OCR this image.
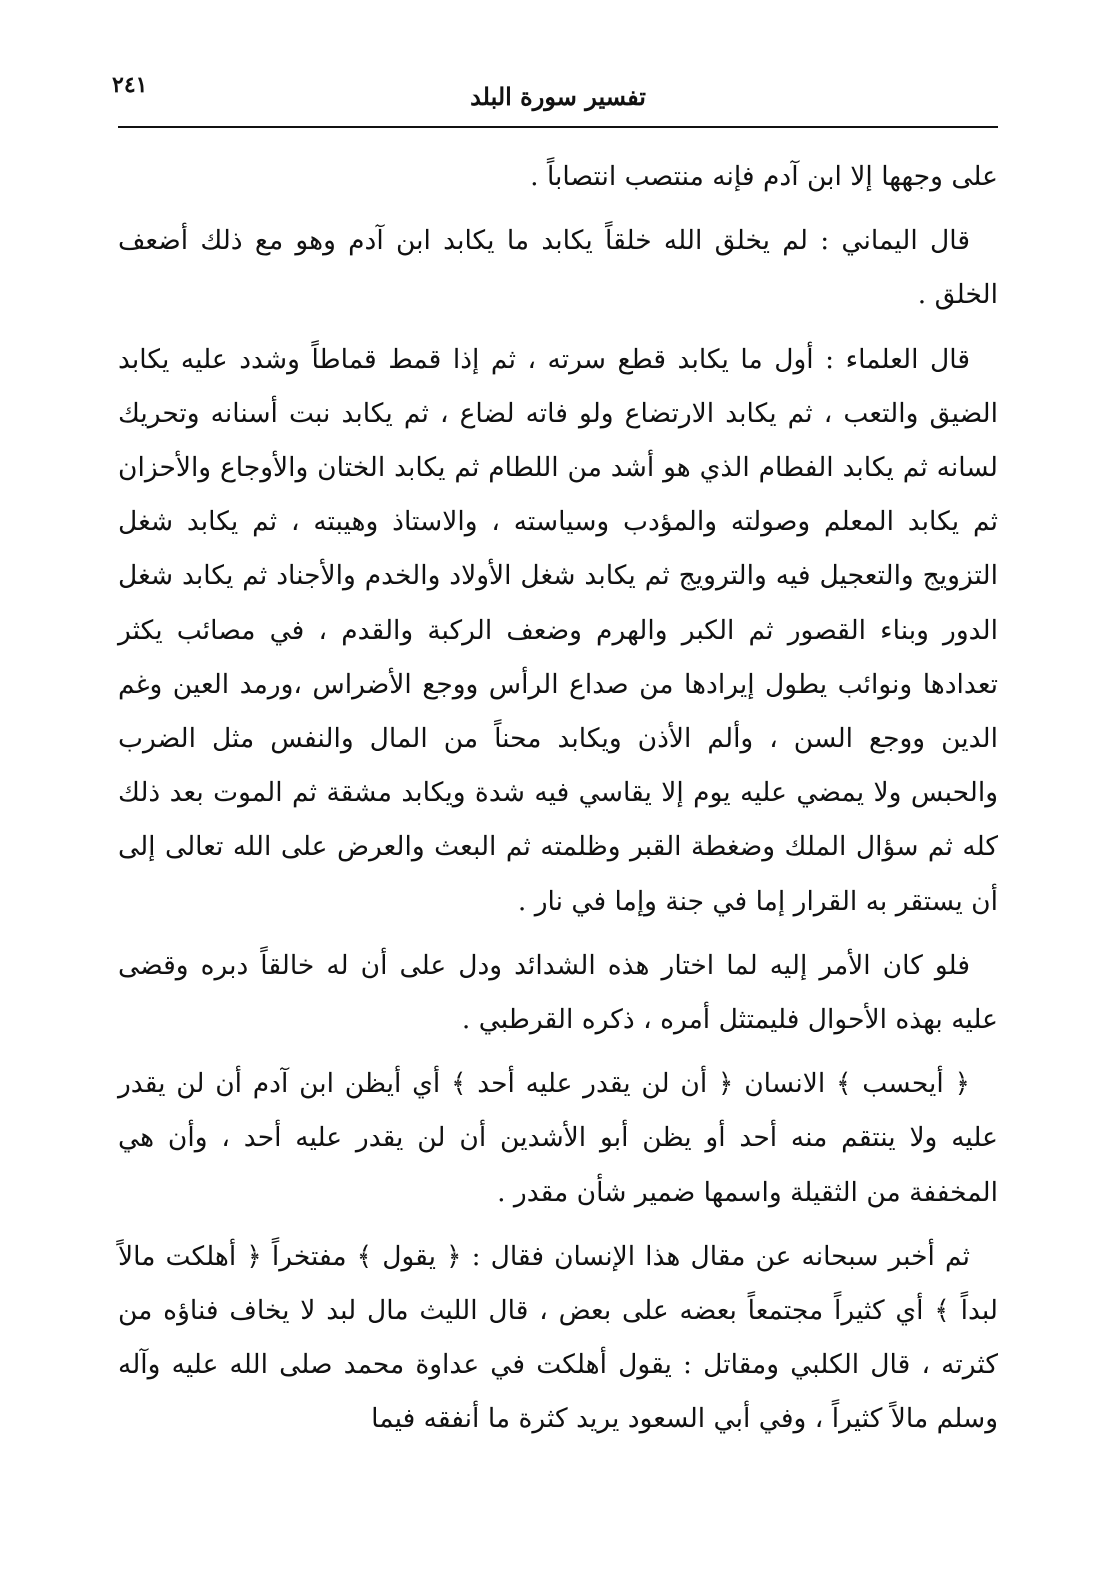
٢٤١	تفسير سورة البلد

على وجهها إلا ابن آدم فإنه منتصب انتصاباً .

قال اليماني : لم يخلق الله خلقاً يكابد ما يكابد ابن آدم وهو مع ذلك أضعف الخلق .

قال العلماء : أول ما يكابد قطع سرته ، ثم إذا قمط قماطاً وشدد عليه يكابد الضيق والتعب ، ثم يكابد الارتضاع ولو فاته لضاع ، ثم يكابد نبت أسنانه وتحريك لسانه ثم يكابد الفطام الذي هو أشد من اللطام ثم يكابد الختان والأوجاع والأحزان ثم يكابد المعلم وصولته والمؤدب وسياسته ، والاستاذ وهيبته ، ثم يكابد شغل التزويج والتعجيل فيه والترويج ثم يكابد شغل الأولاد والخدم والأجناد ثم يكابد شغل الدور وبناء القصور ثم الكبر والهرم وضعف الركبة والقدم ، في مصائب يكثر تعدادها ونوائب يطول إيرادها من صداع الرأس ووجع الأضراس ،ورمد العين وغم الدين ووجع السن ، وألم الأذن ويكابد محناً من المال والنفس مثل الضرب والحبس ولا يمضي عليه يوم إلا يقاسي فيه شدة ويكابد مشقة ثم الموت بعد ذلك كله ثم سؤال الملك وضغطة القبر وظلمته ثم البعث والعرض على الله تعالى إلى أن يستقر به القرار إما في جنة وإما في نار .

فلو كان الأمر إليه لما اختار هذه الشدائد ودل على أن له خالقاً دبره وقضى عليه بهذه الأحوال فليمتثل أمره ، ذكره القرطبي .

﴿ أيحسب ﴾ الانسان ﴿ أن لن يقدر عليه أحد ﴾ أي أيظن ابن آدم أن لن يقدر عليه ولا ينتقم منه أحد أو يظن أبو الأشدين أن لن يقدر عليه أحد ، وأن هي المخففة من الثقيلة واسمها ضمير شأن مقدر .

ثم أخبر سبحانه عن مقال هذا الإنسان فقال : ﴿ يقول ﴾ مفتخراً ﴿ أهلكت مالاً لبداً ﴾ أي كثيراً مجتمعاً بعضه على بعض ، قال الليث مال لبد لا يخاف فناؤه من كثرته ، قال الكلبي ومقاتل : يقول أهلكت في عداوة محمد صلى الله عليه وآله وسلم مالاً كثيراً ، وفي أبي السعود يريد كثرة ما أنفقه فيما
